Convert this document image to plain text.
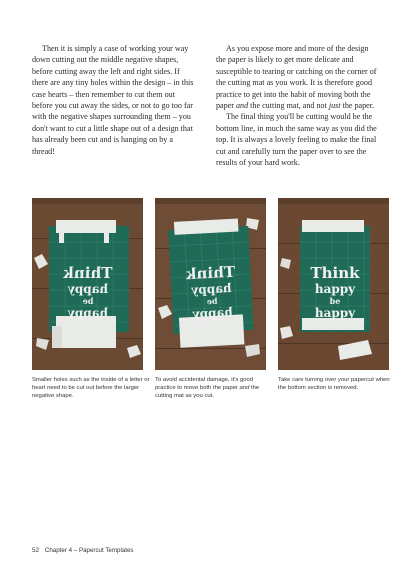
Then it is simply a case of working your way down cutting out the middle negative shapes, before cutting away the left and right sides. If there are any tiny holes within the design – in this case hearts – then remember to cut them out before you cut away the sides, or not to go too far with the negative shapes surrounding them – you don't want to cut a little shape out of a design that has already been cut and is hanging on by a thread!

As you expose more and more of the design the paper is likely to get more delicate and susceptible to tearing or catching on the corner of the cutting mat as you work. It is therefore good practice to get into the habit of moving both the paper and the cutting mat, and not just the paper.

The final thing you'll be cutting would be the bottom line, in much the same way as you did the top. It is always a lovely feeling to make the final cut and carefully turn the paper over to see the results of your hard work.

Think
happy
be
happy
Think
happy
be
happy
Think
happy
be
happy
Smaller holes such as the inside of a letter or heart need to be cut out before the larger negative shape.
To avoid accidental damage, it's good practice to move both the paper and the cutting mat as you cut.
Take care turning over your papercut when the bottom section is removed.
52 Chapter 4 – Papercut Templates
